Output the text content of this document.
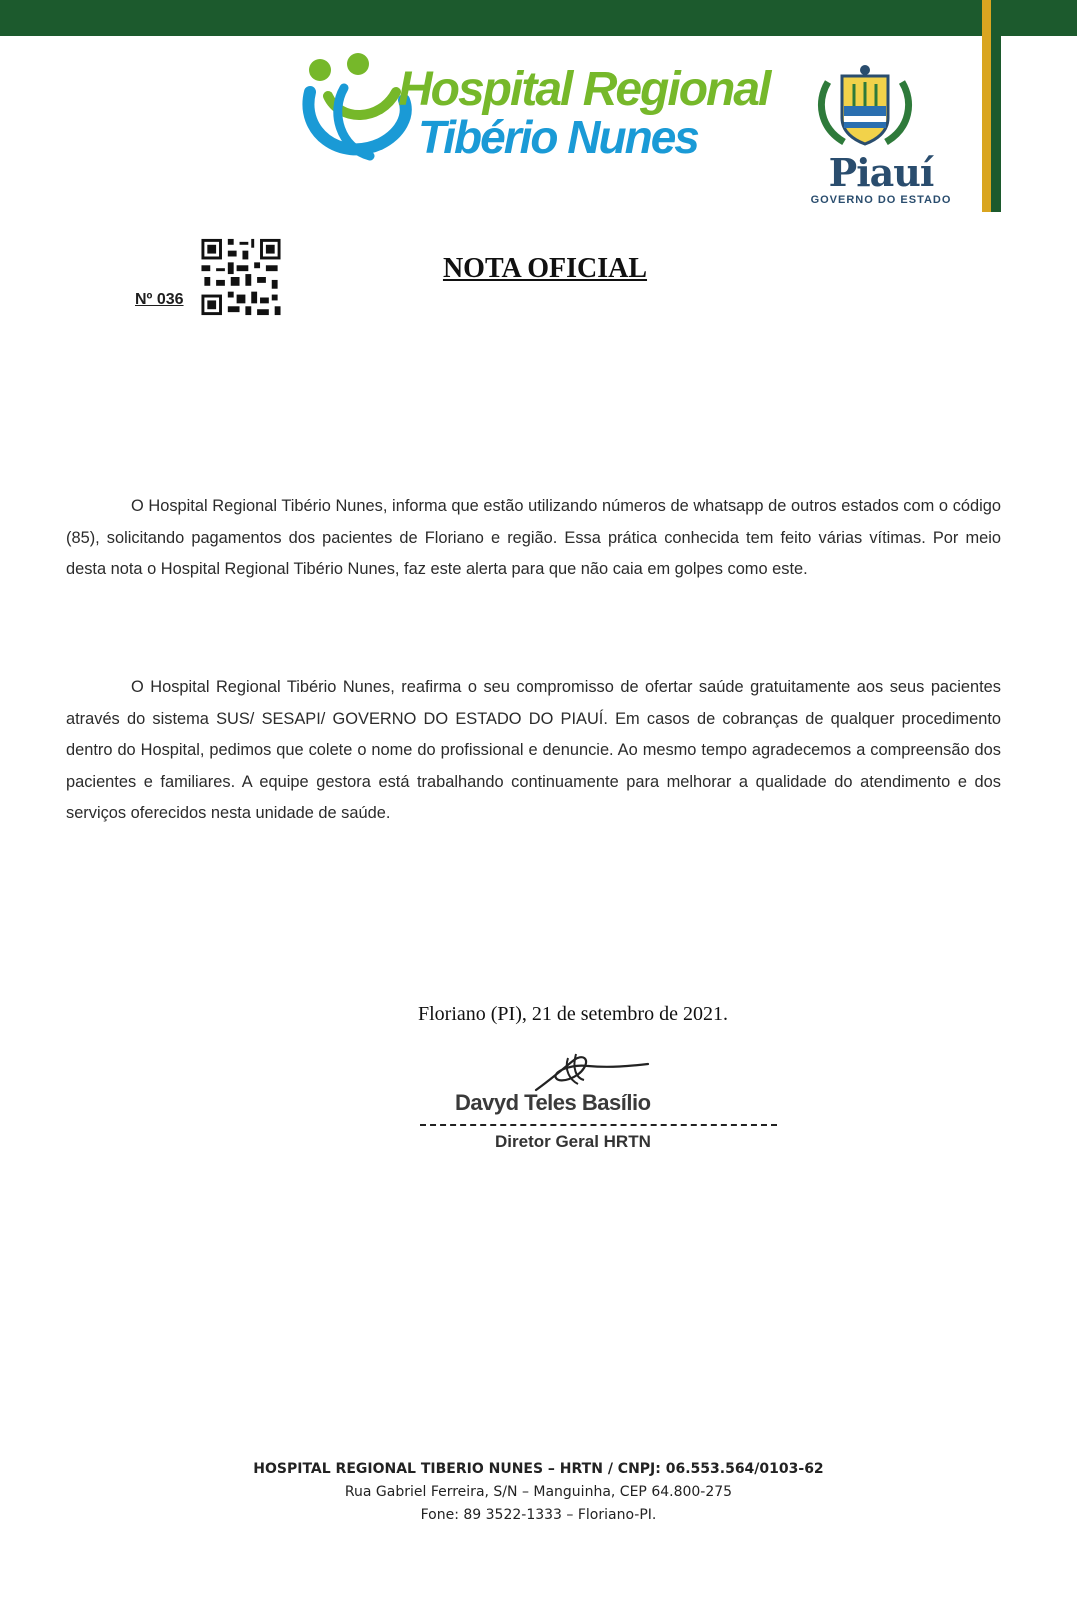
Hospital Regional
Tibério Nunes
Piauí
GOVERNO DO ESTADO
Nº 036
NOTA OFICIAL

O Hospital Regional Tibério Nunes, informa que estão utilizando números de whatsapp de outros estados com o código (85), solicitando pagamentos dos pacientes de Floriano e região. Essa prática conhecida tem feito várias vítimas. Por meio desta nota o Hospital Regional Tibério Nunes, faz este alerta para que não caia em golpes como este.

O Hospital Regional Tibério Nunes, reafirma o seu compromisso de ofertar saúde gratuitamente aos seus pacientes através do sistema SUS/ SESAPI/ GOVERNO DO ESTADO DO PIAUÍ. Em casos de cobranças de qualquer procedimento dentro do Hospital, pedimos que colete o nome do profissional e denuncie. Ao mesmo tempo agradecemos a compreensão dos pacientes e familiares. A equipe gestora está trabalhando continuamente para melhorar a qualidade do atendimento e dos serviços oferecidos nesta unidade de saúde.

Floriano (PI), 21 de setembro de 2021.
Davyd Teles Basílio
Diretor Geral HRTN
HOSPITAL REGIONAL TIBERIO NUNES – HRTN / CNPJ: 06.553.564/0103-62
Rua Gabriel Ferreira, S/N – Manguinha, CEP 64.800-275
Fone: 89 3522-1333 – Floriano-PI.
